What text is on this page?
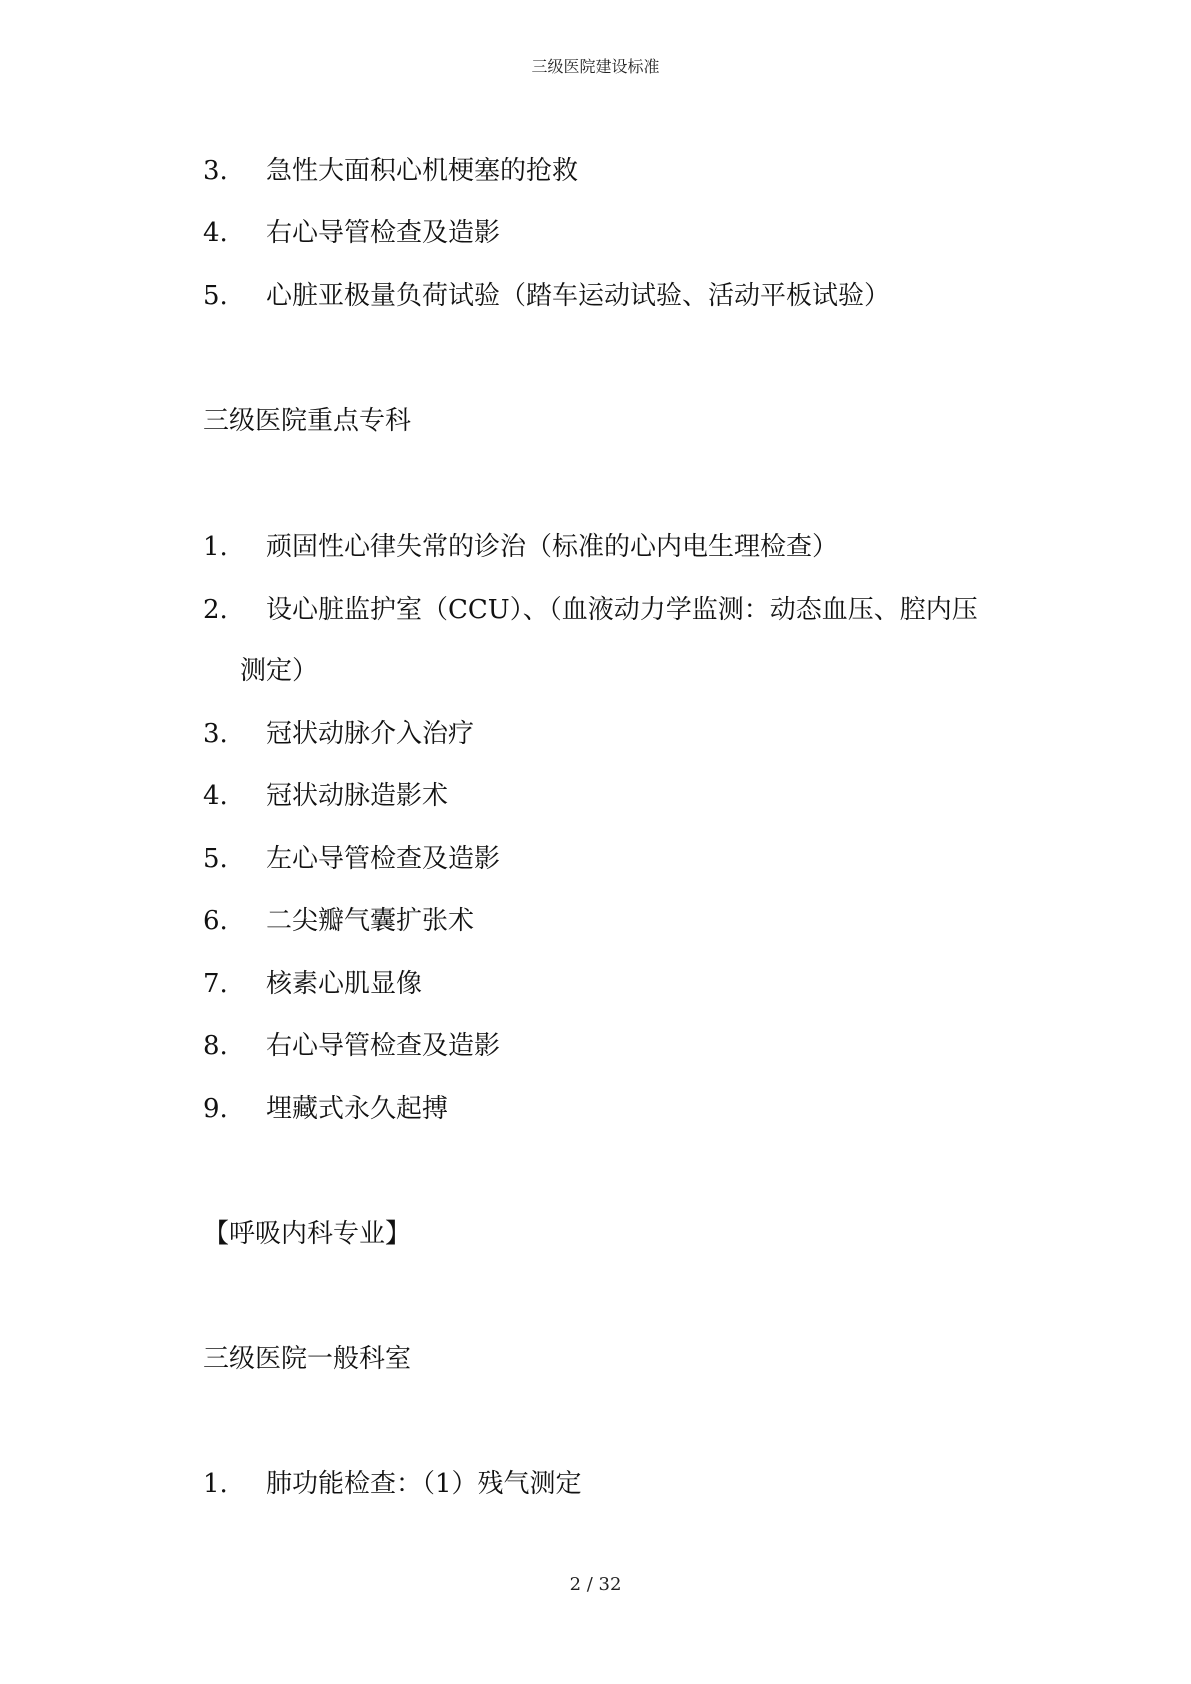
三级医院建设标准
3. 急性大面积心机梗塞的抢救
4. 右心导管检查及造影
5. 心脏亚极量负荷试验（踏车运动试验、活动平板试验）
三级医院重点专科
1. 顽固性心律失常的诊治（标准的心内电生理检查）
2. 设心脏监护室（CCU）、（血液动力学监测：动态血压、腔内压
测定）
3. 冠状动脉介入治疗
4. 冠状动脉造影术
5. 左心导管检查及造影
6. 二尖瓣气囊扩张术
7. 核素心肌显像
8. 右心导管检查及造影
9. 埋藏式永久起搏
【呼吸内科专业】
三级医院一般科室
1. 肺功能检查：（1）残气测定
2 / 32
